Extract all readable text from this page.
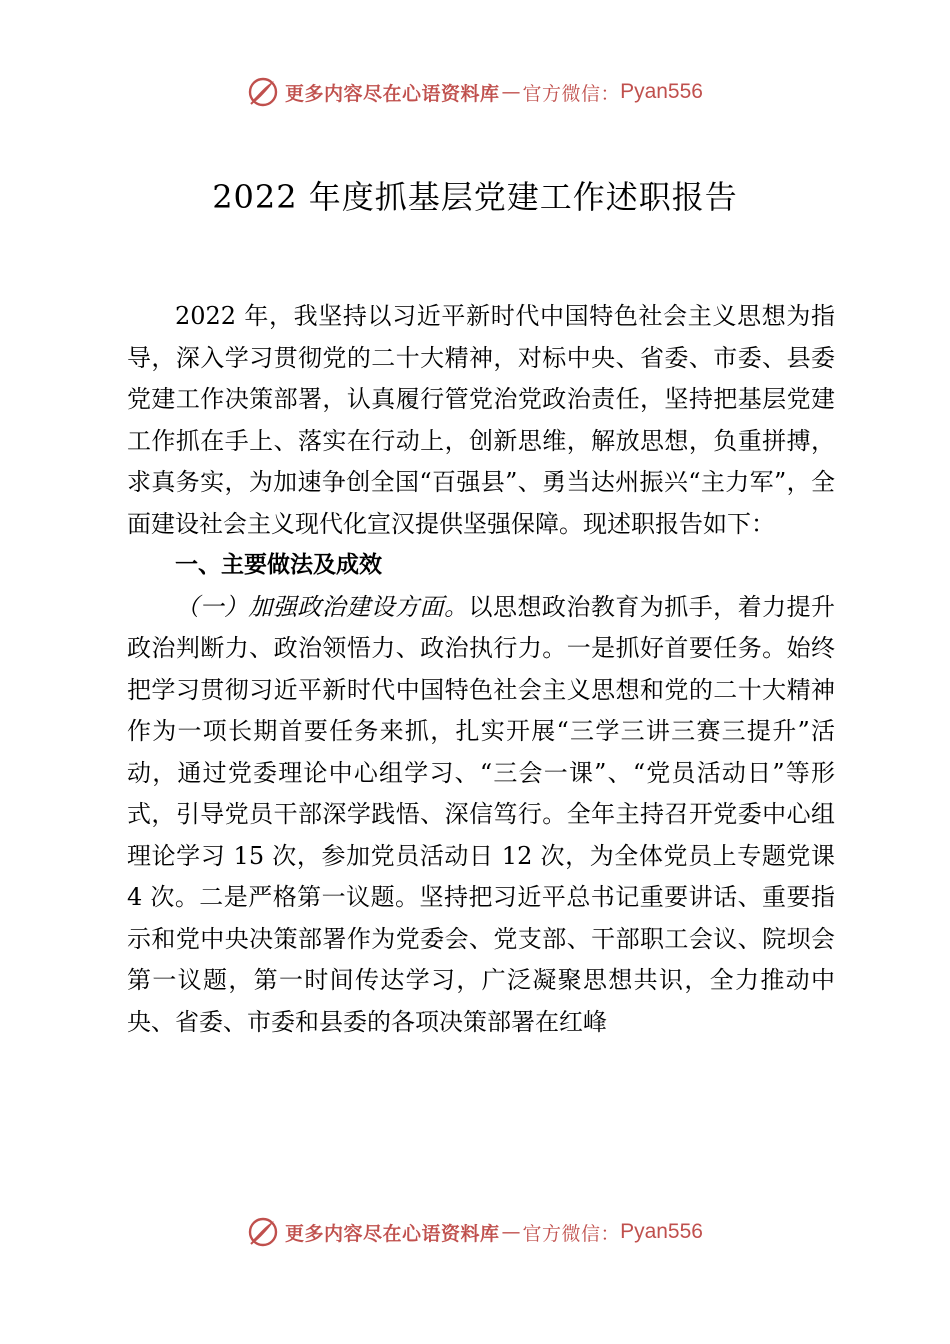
更多内容尽在心语资料库 — 官方微信： Pyan556
2022 年度抓基层党建工作述职报告

2022 年，我坚持以习近平新时代中国特色社会主义思想为指导，深入学习贯彻党的二十大精神，对标中央、省委、市委、县委党建工作决策部署，认真履行管党治党政治责任，坚持把基层党建工作抓在手上、落实在行动上，创新思维，解放思想，负重拼搏，求真务实，为加速争创全国“百强县”、勇当达州振兴“主力军”，全面建设社会主义现代化宣汉提供坚强保障。现述职报告如下：

一、主要做法及成效

（一）加强政治建设方面。以思想政治教育为抓手，着力提升政治判断力、政治领悟力、政治执行力。一是抓好首要任务。始终把学习贯彻习近平新时代中国特色社会主义思想和党的二十大精神作为一项长期首要任务来抓，扎实开展“三学三讲三赛三提升”活动，通过党委理论中心组学习、“三会一课”、“党员活动日”等形式，引导党员干部深学践悟、深信笃行。全年主持召开党委中心组理论学习 15 次，参加党员活动日 12 次，为全体党员上专题党课 4 次。二是严格第一议题。坚持把习近平总书记重要讲话、重要指示和党中央决策部署作为党委会、党支部、干部职工会议、院坝会第一议题，第一时间传达学习，广泛凝聚思想共识，全力推动中央、省委、市委和县委的各项决策部署在红峰

更多内容尽在心语资料库 — 官方微信： Pyan556
